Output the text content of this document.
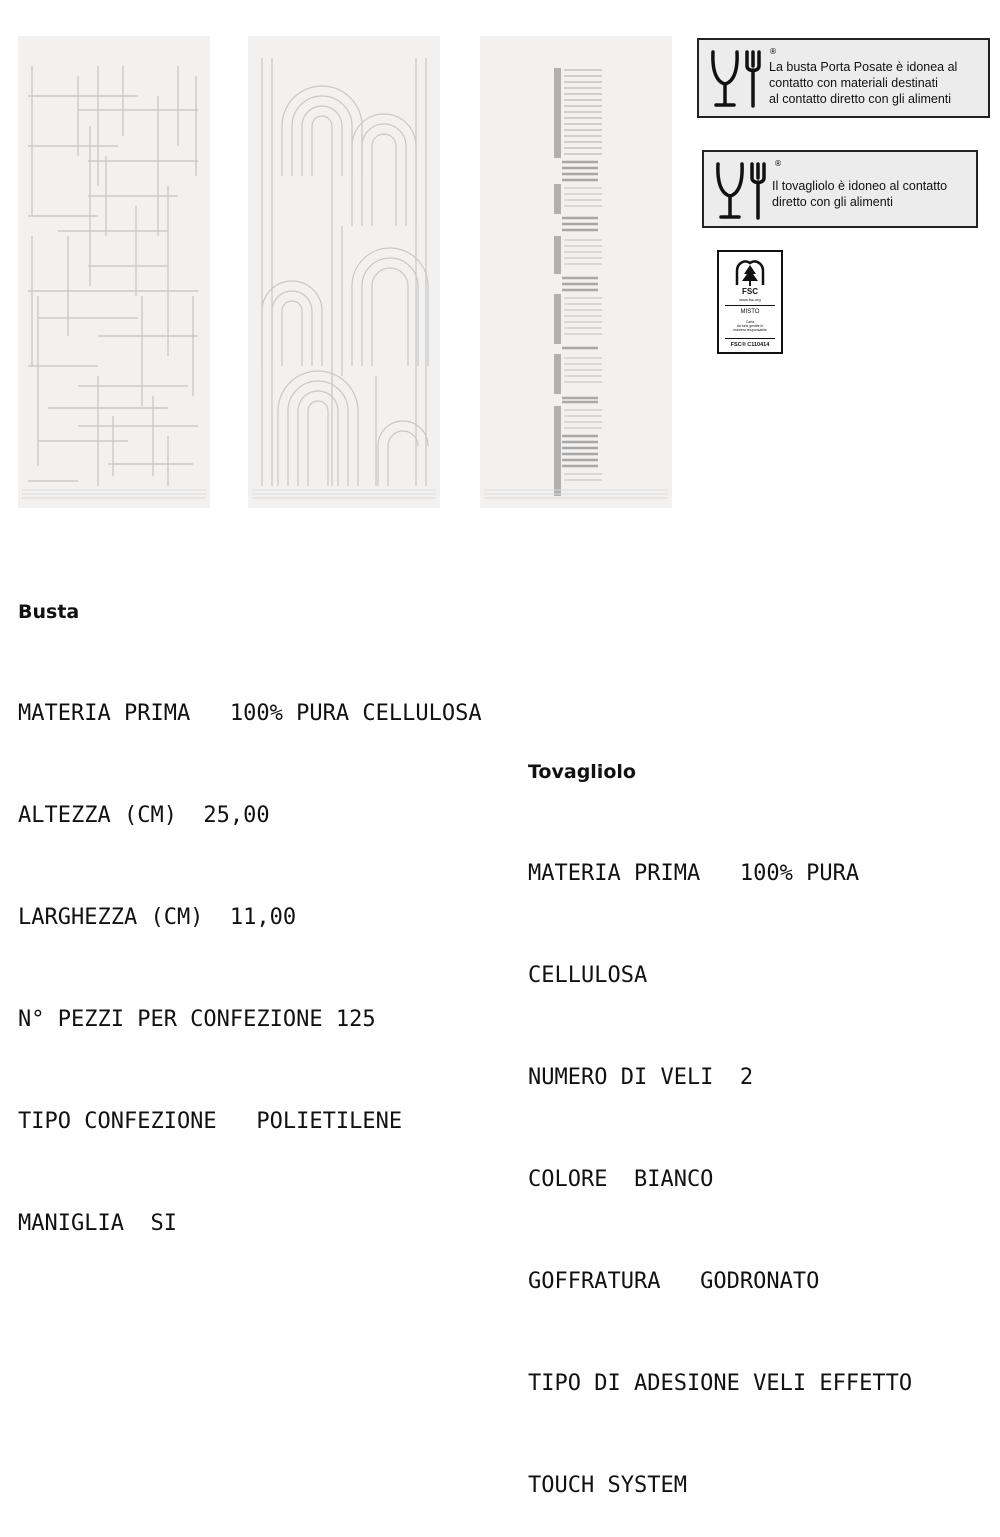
®
La busta Porta Posate è idonea al
contatto con materiali destinati
al contatto diretto con gli alimenti
®
Il tovagliolo è idoneo al contatto
diretto con gli alimenti
FSC
www.fsc.org
MISTO
Carta
da fonti gestite in
maniera responsabile
FSC® C110414

Busta

MATERIA PRIMA   100% PURA CELLULOSA

ALTEZZA (CM)  25,00

LARGHEZZA (CM)  11,00

N° PEZZI PER CONFEZIONE 125

TIPO CONFEZIONE   POLIETILENE

MANIGLIA  SI

Tovagliolo

MATERIA PRIMA   100% PURA

CELLULOSA

NUMERO DI VELI  2

COLORE  BIANCO

GOFFRATURA   GODRONATO

TIPO DI ADESIONE VELI EFFETTO

TOUCH SYSTEM
